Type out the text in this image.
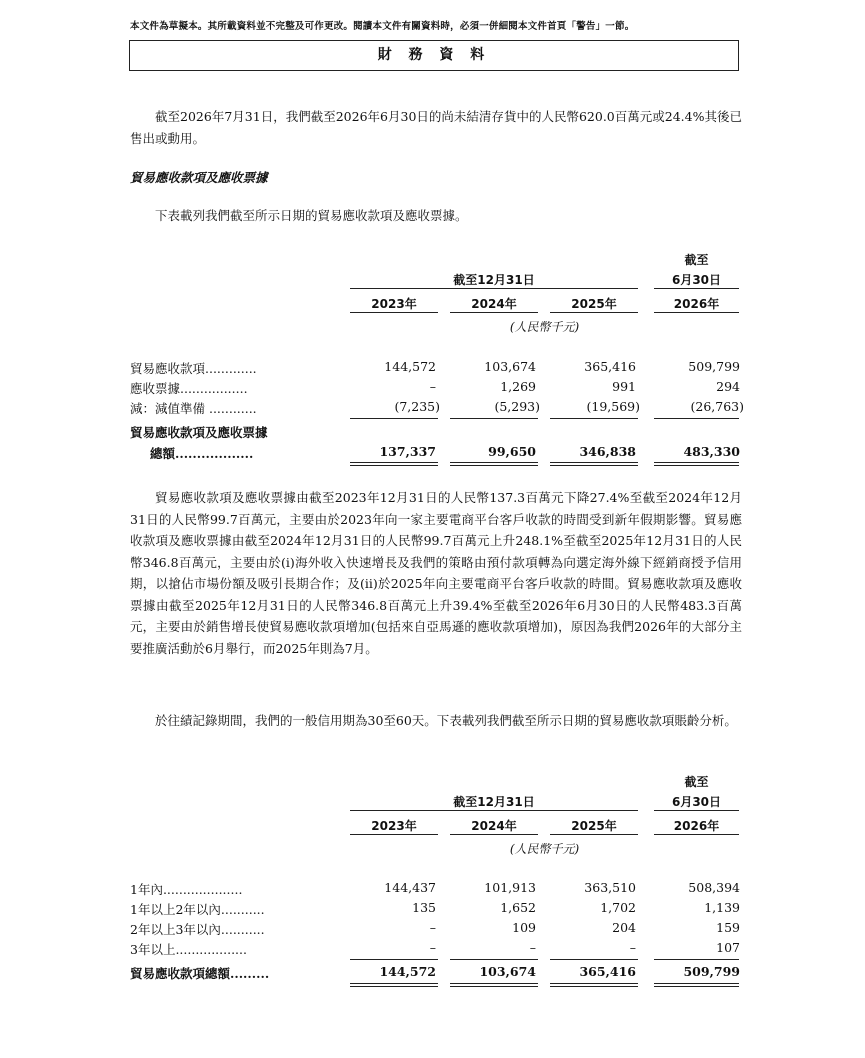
本文件為草擬本。其所載資料並不完整及可作更改。閱讀本文件有關資料時，必須一併細閱本文件首頁「警告」一節。
財 務 資 料
截至2026年7月31日，我們截至2026年6月30日的尚未結清存貨中的人民幣620.0百萬元或24.4%其後已售出或動用。
貿易應收款項及應收票據
下表載列我們截至所示日期的貿易應收款項及應收票據。
截至
截至12月31日	6月30日
2023年	2024年	2025年	2026年
(人民幣千元)
貿易應收款項.............	144,572	103,674	365,416	509,799
應收票據.................	–	1,269	991	294
減：減值準備 ............	(7,235)	(5,293)	(19,569)	(26,763)
貿易應收款項及應收票據
總額..................	137,337	99,650	346,838	483,330
貿易應收款項及應收票據由截至2023年12月31日的人民幣137.3百萬元下降27.4%至截至2024年12月31日的人民幣99.7百萬元，主要由於2023年向一家主要電商平台客戶收款的時間受到新年假期影響。貿易應收款項及應收票據由截至2024年12月31日的人民幣99.7百萬元上升248.1%至截至2025年12月31日的人民幣346.8百萬元，主要由於(i)海外收入快速增長及我們的策略由預付款項轉為向選定海外線下經銷商授予信用期，以搶佔市場份額及吸引長期合作；及(ii)於2025年向主要電商平台客戶收款的時間。貿易應收款項及應收票據由截至2025年12月31日的人民幣346.8百萬元上升39.4%至截至2026年6月30日的人民幣483.3百萬元，主要由於銷售增長使貿易應收款項增加(包括來自亞馬遜的應收款項增加)，原因為我們2026年的大部分主要推廣活動於6月舉行，而2025年則為7月。
於往績記錄期間，我們的一般信用期為30至60天。下表載列我們截至所示日期的貿易應收款項賬齡分析。
截至
截至12月31日	6月30日
2023年	2024年	2025年	2026年
(人民幣千元)
1年內....................	144,437	101,913	363,510	508,394
1年以上2年以內...........	135	1,652	1,702	1,139
2年以上3年以內...........	–	109	204	159
3年以上..................	–	–	–	107
貿易應收款項總額.........	144,572	103,674	365,416	509,799
